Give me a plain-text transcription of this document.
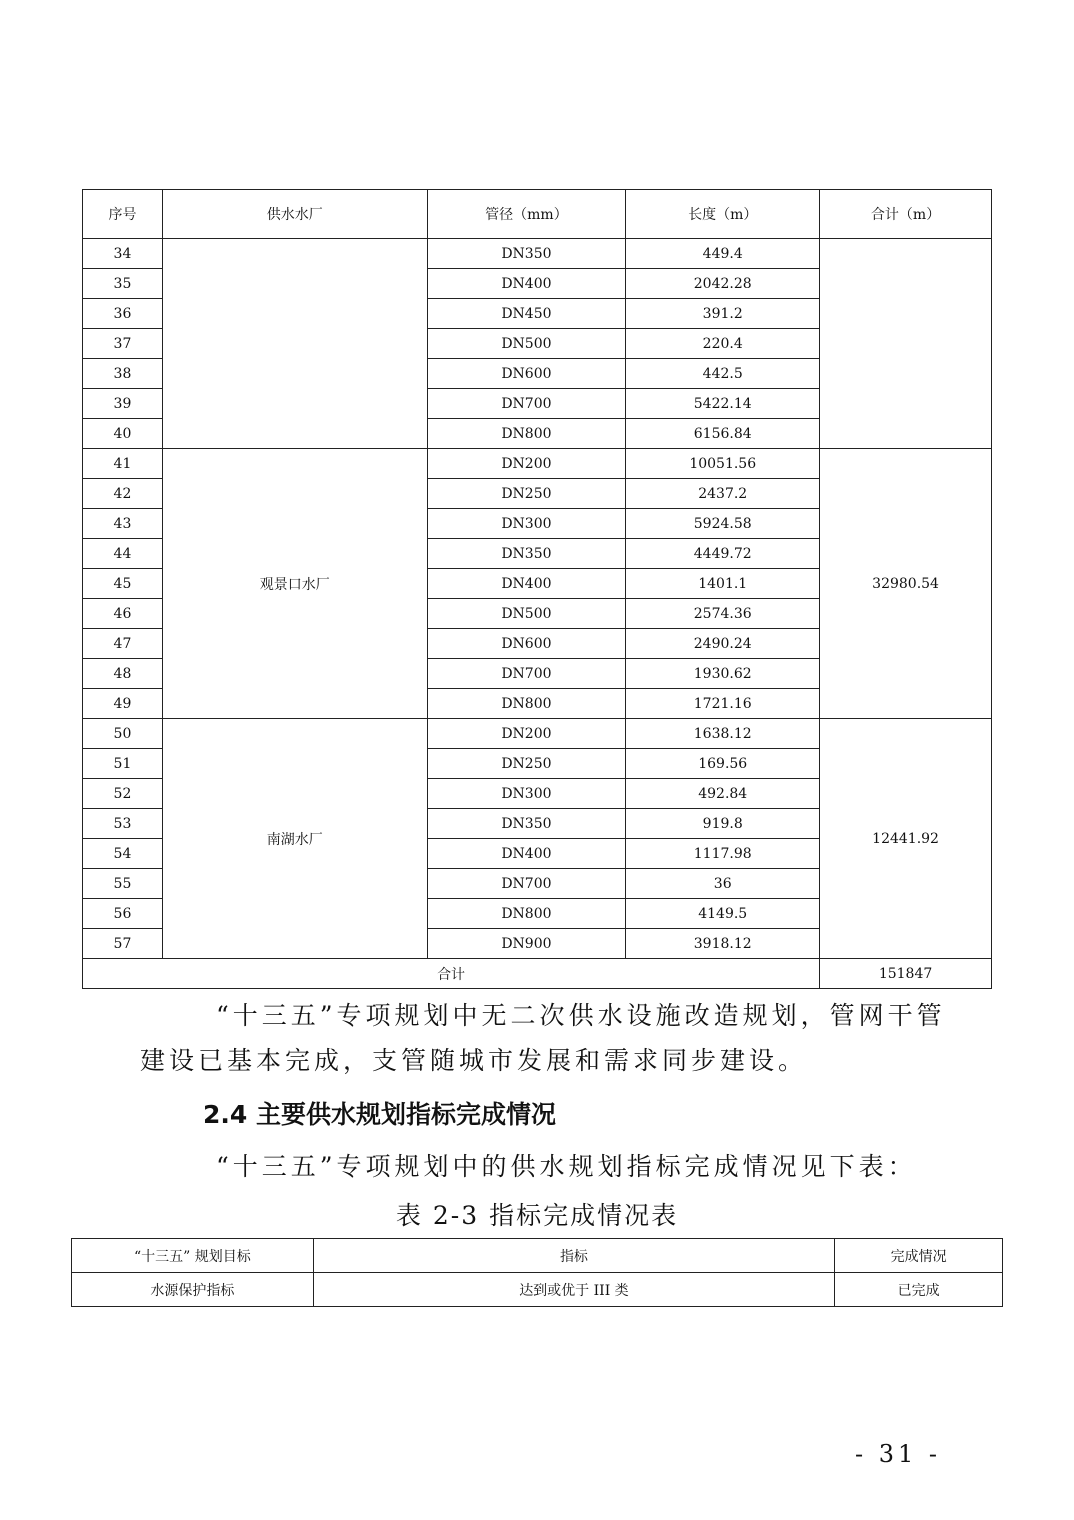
序号	供水水厂	管径（mm）	长度（m）	合计（m）
34		DN350	449.4	
35		DN400	2042.28	
36		DN450	391.2	
37		DN500	220.4	
38		DN600	442.5	
39		DN700	5422.14	
40		DN800	6156.84	
41	观景口水厂	DN200	10051.56	32980.54
42		DN250	2437.2	
43		DN300	5924.58	
44		DN350	4449.72	
45		DN400	1401.1	
46		DN500	2574.36	
47		DN600	2490.24	
48		DN700	1930.62	
49		DN800	1721.16	
50	南湖水厂	DN200	1638.12	12441.92
51		DN250	169.56	
52		DN300	492.84	
53		DN350	919.8	
54		DN400	1117.98	
55		DN700	36	
56		DN800	4149.5	
57		DN900	3918.12	
合计				151847

“十三五”专项规划中无二次供水设施改造规划，管网干管建设已基本完成，支管随城市发展和需求同步建设。

2.4 主要供水规划指标完成情况

“十三五”专项规划中的供水规划指标完成情况见下表：

表 2-3 指标完成情况表

“十三五” 规划目标	指标	完成情况
水源保护指标	达到或优于 III 类	已完成
- 31 -
